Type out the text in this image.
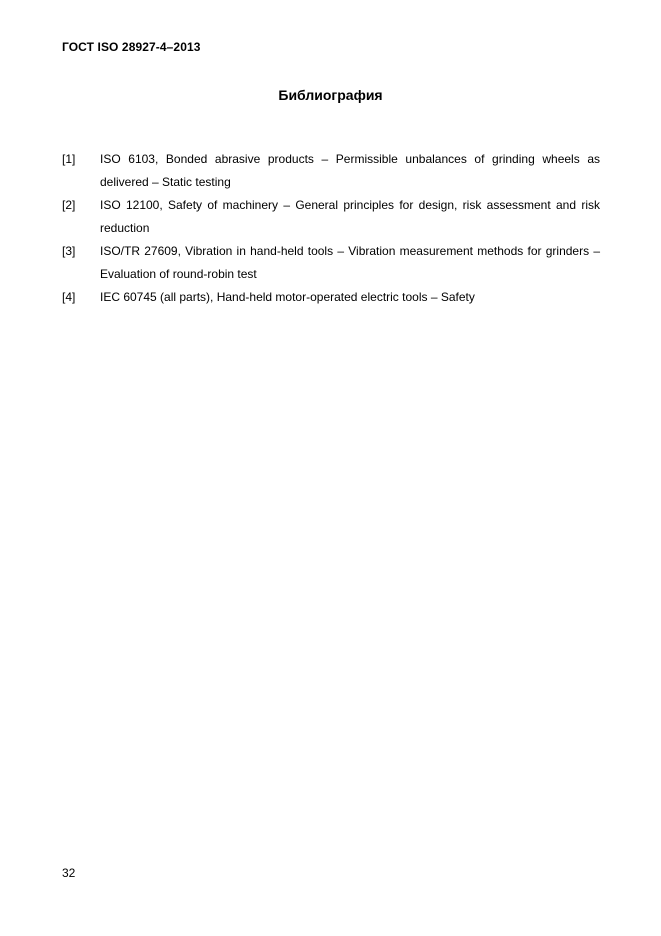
ГОСТ ISO 28927-4–2013
Библиография
[1]	ISO 6103, Bonded abrasive products – Permissible unbalances of grinding wheels as delivered – Static testing
[2]	ISO 12100, Safety of machinery – General principles for design, risk assessment and risk reduction
[3]	ISO/TR 27609, Vibration in hand-held tools – Vibration measurement methods for grinders – Evaluation of round-robin test
[4]	IEC 60745 (all parts), Hand-held motor-operated electric tools – Safety
32
